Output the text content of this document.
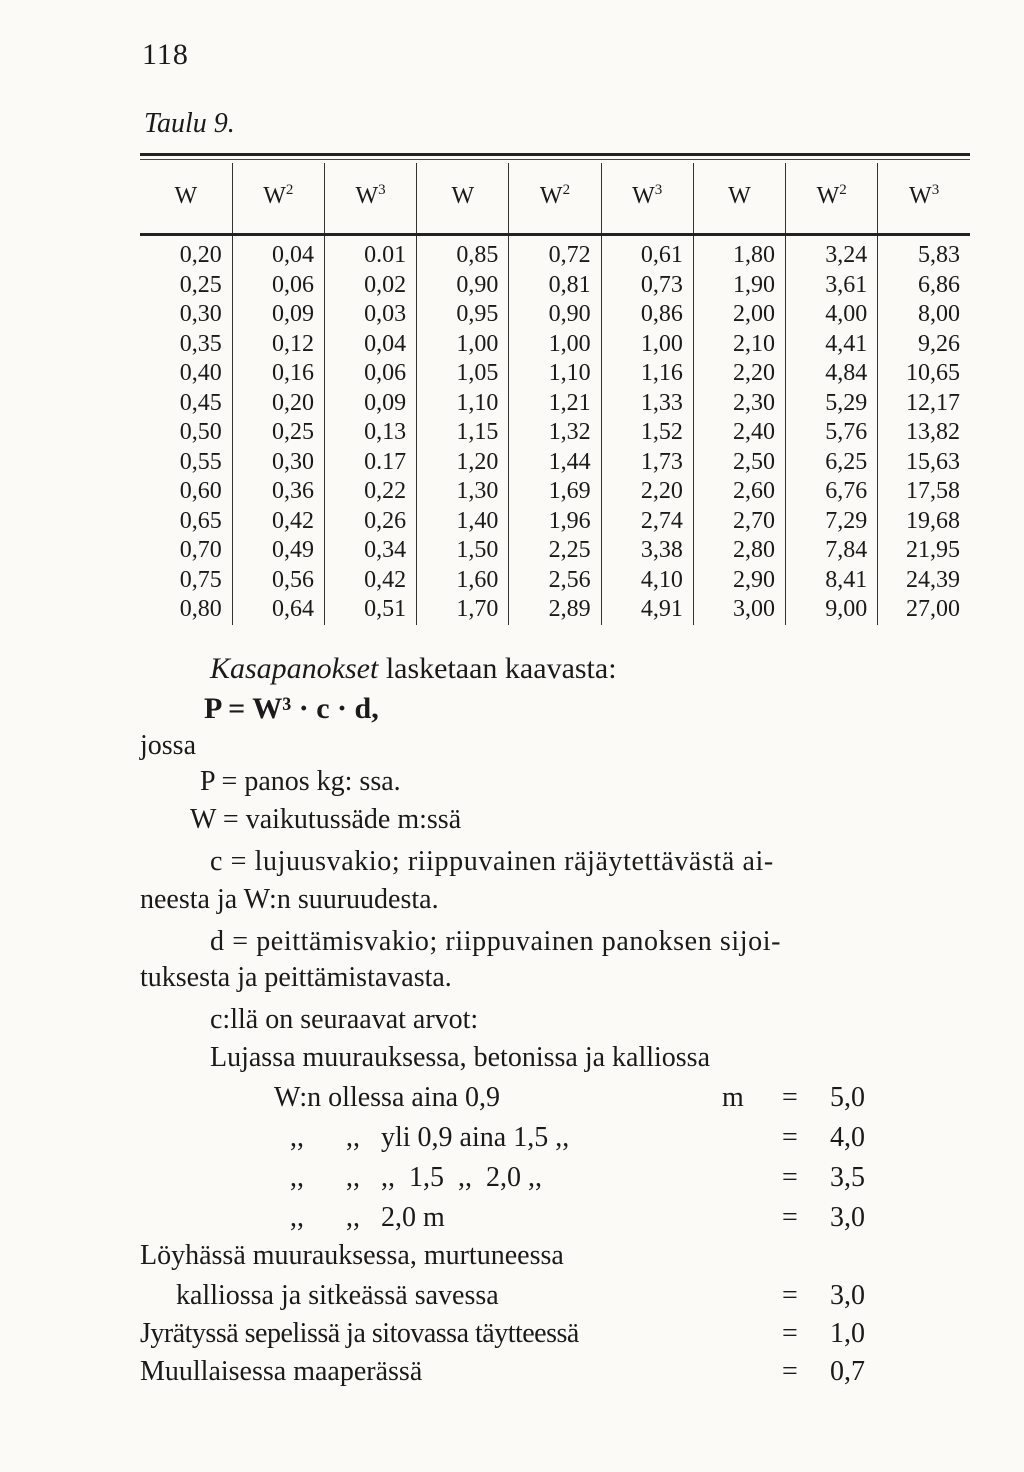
118
Taulu 9.
W	$W^2$	$W^3$	W	$W^2$	$W^3$	W	$W^2$	$W^3$
0,20	0,04	0.01	0,85	0,72	0,61	1,80	3,24	5,83
0,25	0,06	0,02	0,90	0,81	0,73	1,90	3,61	6,86
0,30	0,09	0,03	0,95	0,90	0,86	2,00	4,00	8,00
0,35	0,12	0,04	1,00	1,00	1,00	2,10	4,41	9,26
0,40	0,16	0,06	1,05	1,10	1,16	2,20	4,84	10,65
0,45	0,20	0,09	1,10	1,21	1,33	2,30	5,29	12,17
0,50	0,25	0,13	1,15	1,32	1,52	2,40	5,76	13,82
0,55	0,30	0.17	1,20	1,44	1,73	2,50	6,25	15,63
0,60	0,36	0,22	1,30	1,69	2,20	2,60	6,76	17,58
0,65	0,42	0,26	1,40	1,96	2,74	2,70	7,29	19,68
0,70	0,49	0,34	1,50	2,25	3,38	2,80	7,84	21,95
0,75	0,56	0,42	1,60	2,56	4,10	2,90	8,41	24,39
0,80	0,64	0,51	1,70	2,89	4,91	3,00	9,00	27,00
Kasapanokset lasketaan kaavasta:
P = W³ · c · d,
jossa
P = panos kg: ssa.
W = vaikutussäde m:ssä
c = lujuusvakio; riippuvainen räjäytettävästä ai-
neesta ja W:n suuruudesta.
d = peittämisvakio; riippuvainen panoksen sijoi-
tuksesta ja peittämistavasta.
c:llä on seuraavat arvot:
Lujassa muurauksessa, betonissa ja kalliossa
W:n ollessa aina 0,9	m = 5,0
,,      ,,   yli 0,9 aina 1,5 ,,	= 4,0
,,      ,,   ,,  1,5  ,,  2,0 ,,	= 3,5
,,      ,,   2,0 m	= 3,0
Löyhässä muurauksessa, murtuneessa
kalliossa ja sitkeässä savessa	= 3,0
Jyrätyssä sepelissä ja sitovassa täytteessä	= 1,0
Muullaisessa maaperässä	= 0,7
